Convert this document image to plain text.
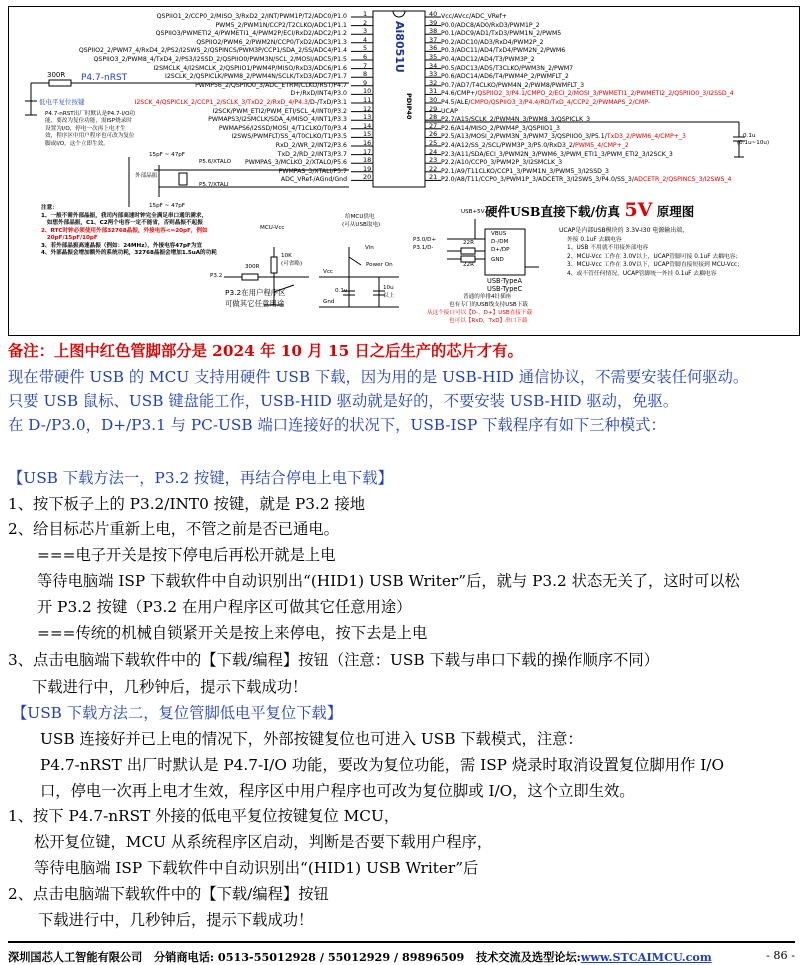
Ai8051U
PDIP40
300R P4.7-nRST
低电平复位按键
P4.7-nRST出厂时默认是P4.7-I/O功
能，要改为复位功能，需ISP烧录时
设置为I/O，停电一次再上电才生
效，程序区中用户程序也可改为复位
脚或I/O，这个立即生效。
15pF ~ 47pF
15pF ~ 47pF
P5.6/XTALO
P5.7/XTALI
外部晶振
注意：
1、一般不需外部晶振，我司内部高速时钟完全满足串口通讯需求，
如想外部晶振，C1、C2两个电容一定不能省，否则晶振不起振
2、RTC时钟必须使用外部32768晶振，外接电容<=20pF，例如
20pF/15pF/10pF
3、若外部晶振高速晶振（例如：24MHz），外接电容47pF为宜
4、外部晶振会增加额外的系统功耗，32768晶振会增加1.5uA的功耗
MCU-Vcc
10K
(可省略)
300R
P3.2
P3.2在用户程序区
可做其它任意用途
给MCU供电
(可从USB取电)
Vin
Power On
Vcc
Gnd
0.1u	10u
以上
USB+5V
P3.0/D+
P3.1/D-
22R
22R
VBUS
D-/DM
D+/DP
GND
USB-TypeA
USB-TypeC
普通的单排4针插座
也有专门的USB线支持USB下载
从这个接口可以【D-，D+】USB直接下载
也可以【RxD，TxD】串口下载
硬件USB直接下载/仿真 5V 原理图
UCAP是内部USB模块的 3.3V-I30 电源输出端，
外接 0.1uF 去耦电容
1、USB 不用就不用接外部电容
2、MCU-Vcc 工作在 3.0V以上，UCAP管脚可接 0.1uF 去耦电容；
3、MCU-Vcc 工作在 3.0V以下，UCAP管脚直接短接到 MCU-Vcc；
4、或不管任何情况，UCAP管脚统一外挂 0.1uF 去耦电容
0.1u
(0.1u~10u)
1
QSPIIO1_2/CCP0_2/MISO_3/RxD2_2/INT/PWM1P/T2/ADC0/P1.0
2
PWM5_2/PWM1N/CCP2/T2CLKO/ADC1/P1.1
3
QSPIIO3/PWMETI2_4/PWMETI1_4/PWM2P/ECI/RxD2/ADC2/P1.2
4
QSPIIO2/PWM6_2/PWM2N/CCP0/TxD2/ADC3/P1.3
5
QSPIIO2_2/PWM7_4/RxD4_2/PS2/I2SWS_2/QSPINCS/PWM3P/CCP1/SDA_2/SS/ADC4/P1.4
6
QSPIIO3_2/PWM8_4/TxD4_2/PS3/I2SSD_2/QSPIIO0/PWM3N/SCL_2/MOSI/ADC5/P1.5
7
I2SMCLK_4/I2SMCLK_2/QSPIIO1/PWM4P/MISO/RxD3/ADC6/P1.6
8
I2SCLK_2/QSPICLK/PWM8_2/PWM4N/SCLK/TxD3/ADC7/P1.7
9
PWMP56_2/QSPIIO0_3/ADC_ETRM/CLKO/RST/P4.7
10
D+/RxD/INT4/P3.0
11
I2SCK_4/QSPICLK_2/CCP1_2/SCLK_3/TxD2_2/RxD_4/P4.3/D-/TxD/P3.1
12
I2SCK/PWM_ETI2/PWM_ETI/SCL_4/INT0/P3.2
13
PWMAPS3/I2SMCLK/SDA_4/MISO_4/INT1/P3.3
14
PWMAPS6/I2SSD/MOSI_4/T1CLKO/T0/P3.4
15
I2SWS/PWMFLT/SS_4/T0CLKO/T1/P3.5
16
RxD_2/WR_2/INT2/P3.6
17
TxD_2/RD_2/INT3/P3.7
18
PWMPAS_3/MCLKO_2/XTALO/P5.6
19
PWMPAS_3/XTALI/P5.7
20
ADC_VRef-/AGnd/Gnd
40 Vcc/AVcc/ADC_VRef+
39 P0.0/ADC8/AD0/RxD3/PWM1P_2
38 P0.1/ADC9/AD1/TxD3/PWM1N_2/PWM5
37 P0.2/ADC10/AD3/RxD4/PWM2P_2
36 P0.3/ADC11/AD4/TxD4/PWM2N_2/PWM6
35 P0.4/ADC12/AD4/T3/PWM3P_2
34 P0.5/ADC13/AD5/T3CLKO/PWM3N_2/PWM7
33 P0.6/ADC14/AD6/T4/PWM4P_2/PWMFLT_2
32 P0.7/AD7/T4CLKO/PWM4N_2/PWM8/PWMFLT_3
31 P4.6/CMP+/QSPIIO2_3/P4.1/CMPO_2/ECI_2/MOSI_3/PWMETI1_2/PWMETI2_2/QSPIIO0_3/I2SSD_4
30 P4.5/ALE/CMPO/QSPIIO3_3/P4.4/RD/TxD_4/CCP2_2/PWMAPS_2/CMP-
29 UCAP
28 P2.7/A15/SCLK_2/PWM4N_3/PWM8_3/QSPICLK_3
27 P2.6/A14/MISO_2/PWM4P_3/QSPIIO1_3
26 P2.5/A13/MOSI_2/PWM3N_3/PWM7_3/QSPIIO0_3/P5.1/TxD3_2/PWM6_4/CMP+_3
25 P2.4/A12/SS_2/SCL/PWM3P_3/P5.0/RxD3_2/PWM5_4/CMP+_2
24 P2.3/A11/SDA/ECI_3/PWM2N_3/PWM6_3/PWM_ETI1_3/PWM_ETI2_3/I2SCK_3
23 P2.2/A10/CCP0_3/PWM2P_3/I2SMCLK_3
22 P2.1/A9/T11CLKO/CCP1_3/PWM1N_3/PWM5_3/I2SSD_3
21 P2.0/A8/T11/CCP0_3/PWM1P_3/ADCETR_3/I2SWS_3/P4.0/SS_3/ADCETR_2/QSPINCS_3/I2SWS_4
备注：上图中红色管脚部分是 2024 年 10 月 15 日之后生产的芯片才有。
现在带硬件 USB 的 MCU 支持用硬件 USB 下载，因为用的是 USB-HID 通信协议，不需要安装任何驱动。
只要 USB 鼠标、USB 键盘能工作，USB-HID 驱动就是好的，不要安装 USB-HID 驱动，免驱。
在 D-/P3.0，D+/P3.1 与 PC-USB 端口连接好的状况下，USB-ISP 下载程序有如下三种模式：
【USB 下载方法一，P3.2 按键，再结合停电上电下载】
1、按下板子上的 P3.2/INT0 按键，就是 P3.2 接地
2、给目标芯片重新上电，不管之前是否已通电。
===电子开关是按下停电后再松开就是上电
等待电脑端 ISP 下载软件中自动识别出“(HID1) USB Writer”后，就与 P3.2 状态无关了，这时可以松
开 P3.2 按键（P3.2 在用户程序区可做其它任意用途）
===传统的机械自锁紧开关是按上来停电，按下去是上电
3、点击电脑端下载软件中的【下载/编程】按钮（注意：USB 下载与串口下载的操作顺序不同）
下载进行中，几秒钟后，提示下载成功！
【USB 下载方法二，复位管脚低电平复位下载】
USB 连接好并已上电的情况下，外部按键复位也可进入 USB 下载模式，注意：
P4.7-nRST 出厂时默认是 P4.7-I/O 功能，要改为复位功能，需 ISP 烧录时取消设置复位脚用作 I/O
口，停电一次再上电才生效，程序区中用户程序也可改为复位脚或 I/O，这个立即生效。
1、按下 P4.7-nRST 外接的低电平复位按键复位 MCU，
松开复位键，MCU 从系统程序区启动，判断是否要下载用户程序，
等待电脑端 ISP 下载软件中自动识别出“(HID1) USB Writer”后
2、点击电脑端下载软件中的【下载/编程】按钮
下载进行中，几秒钟后，提示下载成功！
深圳国芯人工智能有限公司 分销商电话: 0513-55012928 / 55012929 / 89896509 技术交流及选型论坛:www.STCAIMCU.com	- 86 -
